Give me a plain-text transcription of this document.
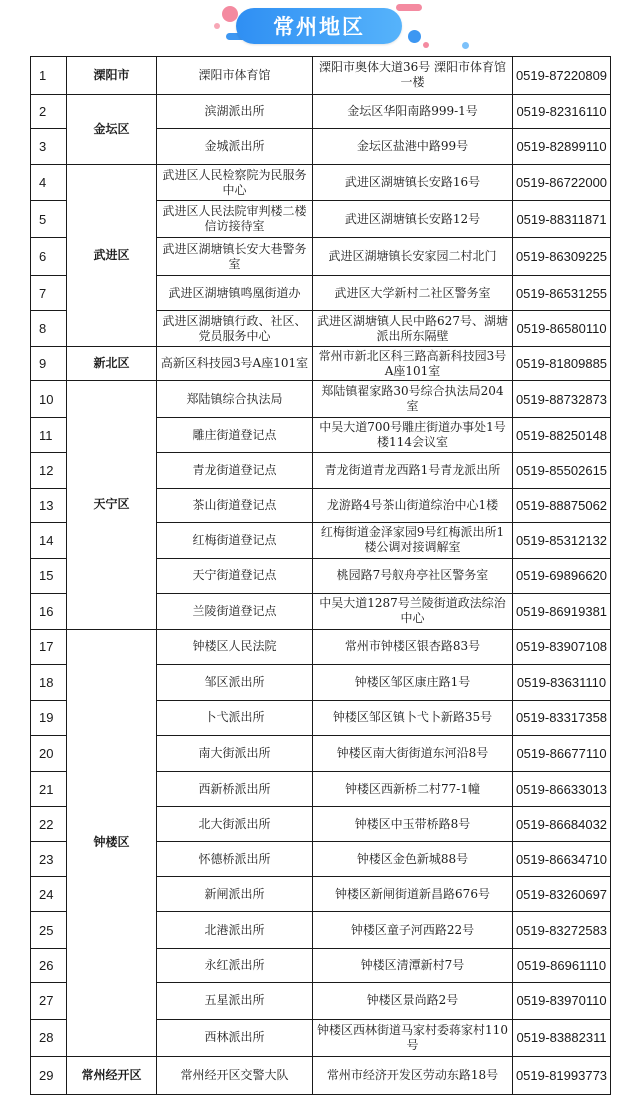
常州地区
1	溧阳市	溧阳市体育馆	溧阳市奥体大道36号 溧阳市体育馆一楼	0519-87220809
2	金坛区	滨湖派出所	金坛区华阳南路999-1号	0519-82316110
3		金城派出所	金坛区盐港中路99号	0519-82899110
4	武进区	武进区人民检察院为民服务中心	武进区湖塘镇长安路16号	0519-86722000
5		武进区人民法院审判楼二楼信访接待室	武进区湖塘镇长安路12号	0519-88311871
6		武进区湖塘镇长安大巷警务室	武进区湖塘镇长安家园二村北门	0519-86309225
7		武进区湖塘镇鸣凰街道办	武进区大学新村二社区警务室	0519-86531255
8		武进区湖塘镇行政、社区、党员服务中心	武进区湖塘镇人民中路627号、湖塘派出所东隔壁	0519-86580110
9	新北区	高新区科技园3号A座101室	常州市新北区科三路高新科技园3号A座101室	0519-81809885
10	天宁区	郑陆镇综合执法局	郑陆镇翟家路30号综合执法局204室	0519-88732873
11		雕庄街道登记点	中吴大道700号雕庄街道办事处1号楼114会议室	0519-88250148
12		青龙街道登记点	青龙街道青龙西路1号青龙派出所	0519-85502615
13		茶山街道登记点	龙游路4号茶山街道综治中心1楼	0519-88875062
14		红梅街道登记点	红梅街道金泽家园9号红梅派出所1楼公调对接调解室	0519-85312132
15		天宁街道登记点	桃园路7号舣舟亭社区警务室	0519-69896620
16		兰陵街道登记点	中吴大道1287号兰陵街道政法综治中心	0519-86919381
17	钟楼区	钟楼区人民法院	常州市钟楼区银杏路83号	0519-83907108
18		邹区派出所	钟楼区邹区康庄路1号	0519-83631110
19		卜弋派出所	钟楼区邹区镇卜弋卜新路35号	0519-83317358
20		南大街派出所	钟楼区南大街街道东河沿8号	0519-86677110
21		西新桥派出所	钟楼区西新桥二村77-1幢	0519-86633013
22		北大街派出所	钟楼区中玉带桥路8号	0519-86684032
23		怀德桥派出所	钟楼区金色新城88号	0519-86634710
24		新闸派出所	钟楼区新闸街道新昌路676号	0519-83260697
25		北港派出所	钟楼区童子河西路22号	0519-83272583
26		永红派出所	钟楼区清潭新村7号	0519-86961110
27		五星派出所	钟楼区景尚路2号	0519-83970110
28		西林派出所	钟楼区西林街道马家村委蒋家村110号	0519-83882311
29	常州经开区	常州经开区交警大队	常州市经济开发区劳动东路18号	0519-81993773
